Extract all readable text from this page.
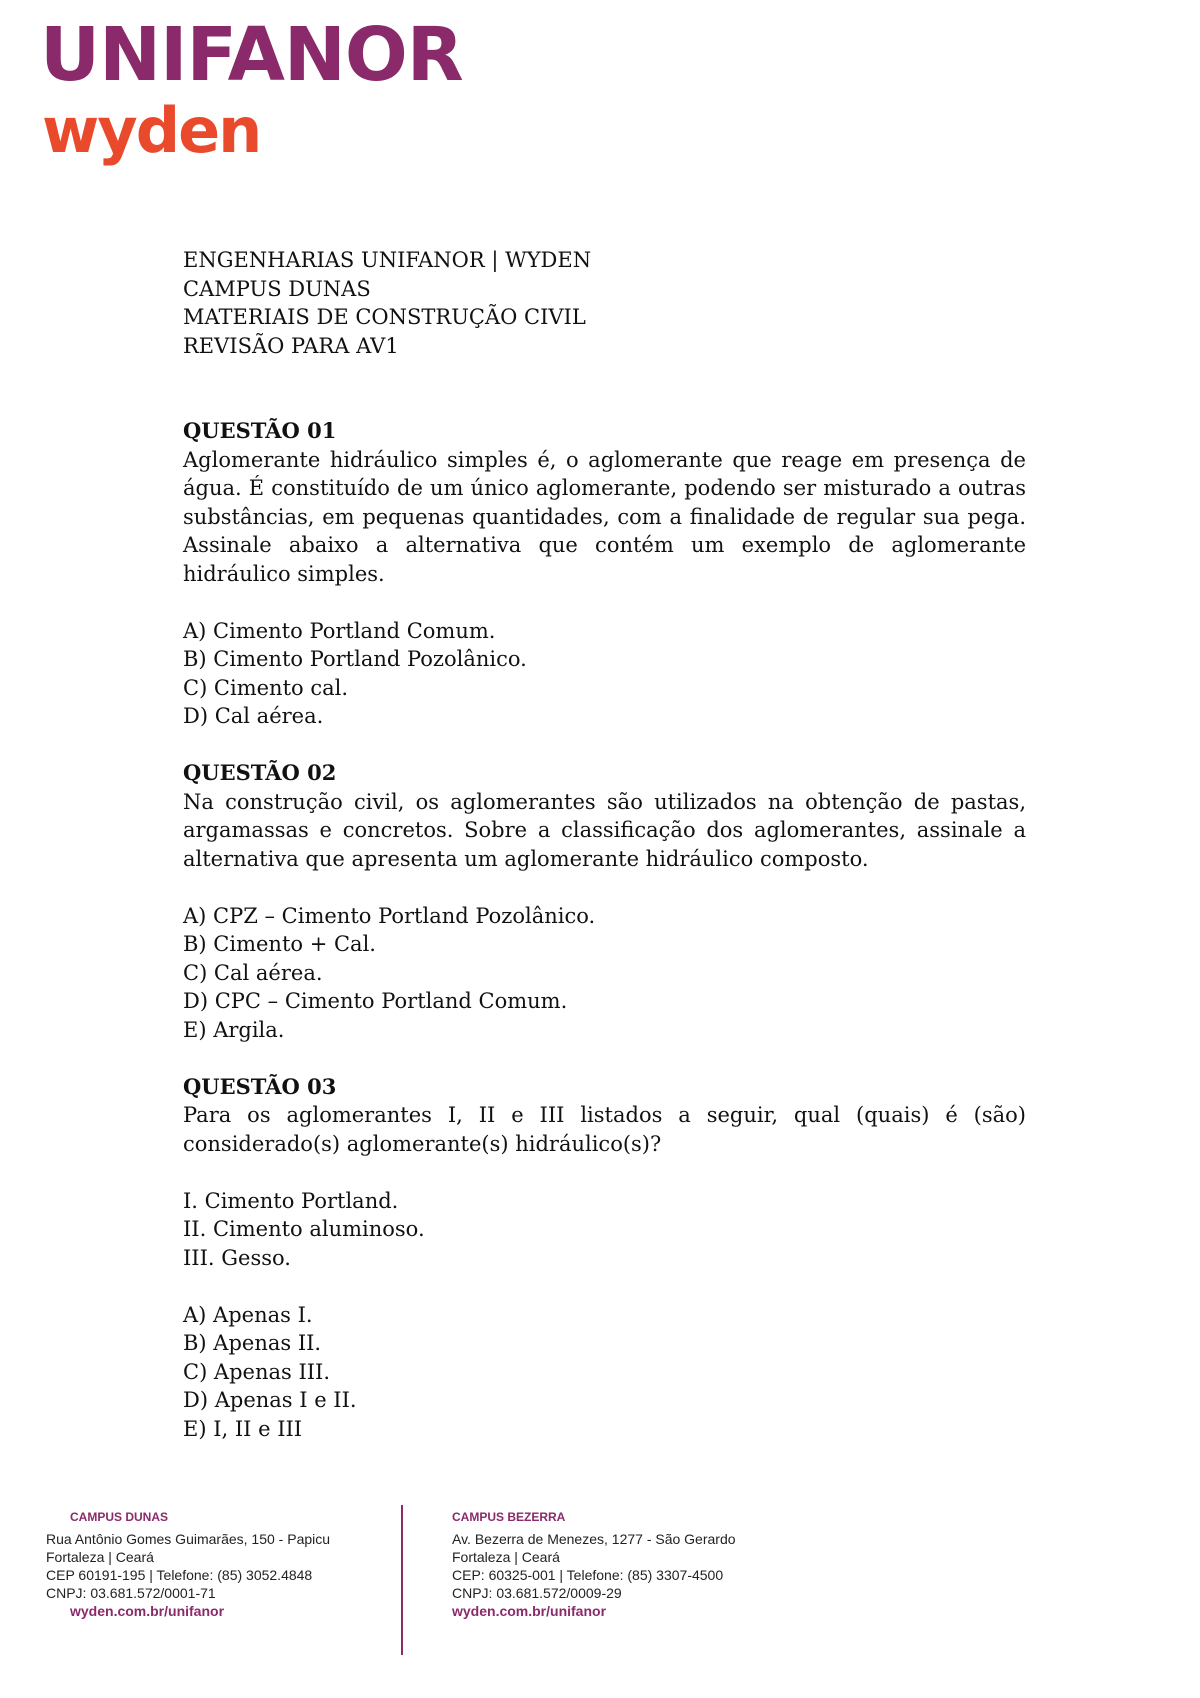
UNIFANOR
wyden

ENGENHARIAS UNIFANOR | WYDEN

CAMPUS DUNAS

MATERIAIS DE CONSTRUÇÃO CIVIL

REVISÃO PARA AV1

QUESTÃO 01

Aglomerante hidráulico simples é, o aglomerante que reage em presença de água. É constituído de um único aglomerante, podendo ser misturado a outras substâncias, em pequenas quantidades, com a finalidade de regular sua pega. Assinale abaixo a alternativa que contém um exemplo de aglomerante hidráulico simples.

A) Cimento Portland Comum.

B) Cimento Portland Pozolânico.

C) Cimento cal.

D) Cal aérea.

QUESTÃO 02

Na construção civil, os aglomerantes são utilizados na obtenção de pastas, argamassas e concretos. Sobre a classificação dos aglomerantes, assinale a alternativa que apresenta um aglomerante hidráulico composto.

A) CPZ – Cimento Portland Pozolânico.

B) Cimento + Cal.

C) Cal aérea.

D) CPC – Cimento Portland Comum.

E) Argila.

QUESTÃO 03

Para os aglomerantes I, II e III listados a seguir, qual (quais) é (são) considerado(s) aglomerante(s) hidráulico(s)?

I. Cimento Portland.

II. Cimento aluminoso.

III. Gesso.

A) Apenas I.

B) Apenas II.

C) Apenas III.

D) Apenas I e II.

E) I, II e III

CAMPUS DUNAS
Rua Antônio Gomes Guimarães, 150 - Papicu
Fortaleza | Ceará
CEP 60191-195 | Telefone: (85) 3052.4848
CNPJ: 03.681.572/0001-71
wyden.com.br/unifanor
CAMPUS BEZERRA
Av. Bezerra de Menezes, 1277 - São Gerardo
Fortaleza | Ceará
CEP: 60325-001 | Telefone: (85) 3307-4500
CNPJ: 03.681.572/0009-29
wyden.com.br/unifanor
